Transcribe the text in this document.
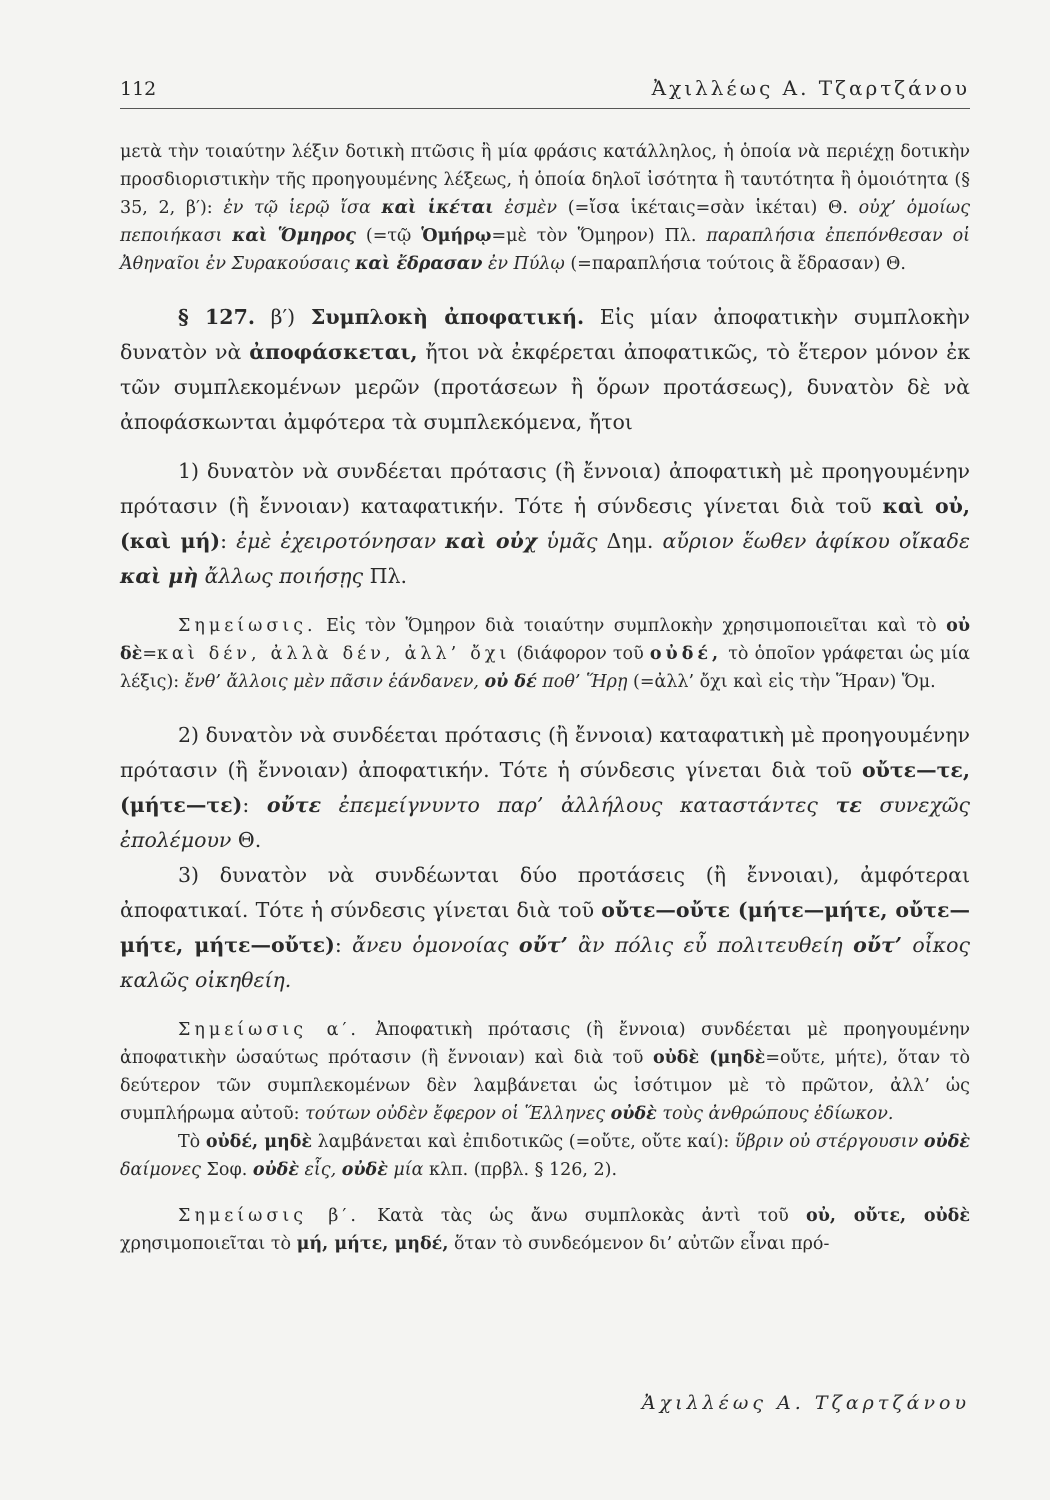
112	Ἀχιλλέως Α. Τζαρτζάνου

μετὰ τὴν τοιαύτην λέξιν δοτικὴ πτῶσις ἢ μία φράσις κατάλληλος, ἡ ὁποία νὰ περιέχῃ δοτικὴν προσδιοριστικὴν τῆς προηγουμένης λέξεως, ἡ ὁποία δηλοῖ ἰσότητα ἢ ταυτότητα ἢ ὁμοιότητα (§ 35, 2, β′): ἐν τῷ ἱερῷ ἴσα καὶ ἱκέται ἐσμὲν (=ἴσα ἱκέταις=σὰν ἱκέται) Θ. οὐχ’ ὁμοίως πεποιήκασι καὶ Ὅμηρος (=τῷ Ὁμήρῳ=μὲ τὸν Ὅμηρον) Πλ. παραπλήσια ἐπεπόνθεσαν οἱ Ἀθηναῖοι ἐν Συρακούσαις καὶ ἔδρασαν ἐν Πύλῳ (=παραπλήσια τούτοις ἃ ἔδρασαν) Θ.

§ 127. β′) Συμπλοκὴ ἀποφατική. Εἰς μίαν ἀποφατικὴν συμπλοκὴν δυνατὸν νὰ ἀποφάσκεται, ἤτοι νὰ ἐκφέρεται ἀποφατικῶς, τὸ ἕτερον μόνον ἐκ τῶν συμπλεκομένων μερῶν (προτάσεων ἢ ὅρων προτάσεως), δυνατὸν δὲ νὰ ἀποφάσκωνται ἀμφότερα τὰ συμπλεκόμενα, ἤτοι

1) δυνατὸν νὰ συνδέεται πρότασις (ἢ ἔννοια) ἀποφατικὴ μὲ προηγουμένην πρότασιν (ἢ ἔννοιαν) καταφατικήν. Τότε ἡ σύνδεσις γίνεται διὰ τοῦ καὶ οὐ, (καὶ μή): ἐμὲ ἐχειροτόνησαν καὶ οὐχ ὑμᾶς Δημ. αὔριον ἕωθεν ἀφίκου οἴκαδε καὶ μὴ ἄλλως ποιήσῃς Πλ.

Σημείωσις. Εἰς τὸν Ὅμηρον διὰ τοιαύτην συμπλοκὴν χρησιμοποιεῖται καὶ τὸ οὐ δὲ=καὶ δέν, ἀλλὰ δέν, ἀλλ’ ὄχι (διάφορον τοῦ οὐδέ, τὸ ὁποῖον γράφεται ὡς μία λέξις): ἔνθ’ ἄλλοις μὲν πᾶσιν ἑάνδανεν, οὐ δέ ποθ’ Ἥρῃ (=ἀλλ’ ὄχι καὶ εἰς τὴν Ἥραν) Ὅμ.

2) δυνατὸν νὰ συνδέεται πρότασις (ἢ ἔννοια) καταφατικὴ μὲ προηγουμένην πρότασιν (ἢ ἔννοιαν) ἀποφατικήν. Τότε ἡ σύνδεσις γίνεται διὰ τοῦ οὔτε—τε, (μήτε—τε): οὔτε ἐπεμείγνυντο παρ’ ἀλλήλους καταστάντες τε συνεχῶς ἐπολέμουν Θ.

3) δυνατὸν νὰ συνδέωνται δύο προτάσεις (ἢ ἔννοιαι), ἀμφότεραι ἀποφατικαί. Τότε ἡ σύνδεσις γίνεται διὰ τοῦ οὔτε—οὔτε (μήτε—μήτε, οὔτε—μήτε, μήτε—οὔτε): ἄνευ ὁμονοίας οὔτ’ ἂν πόλις εὖ πολιτευθείη οὔτ’ οἶκος καλῶς οἰκηθείη.

Σημείωσις α′. Ἀποφατικὴ πρότασις (ἢ ἔννοια) συνδέεται μὲ προηγουμένην ἀποφατικὴν ὡσαύτως πρότασιν (ἢ ἔννοιαν) καὶ διὰ τοῦ οὐδὲ (μηδὲ=οὔτε, μήτε), ὅταν τὸ δεύτερον τῶν συμπλεκομένων δὲν λαμβάνεται ὡς ἰσότιμον μὲ τὸ πρῶτον, ἀλλ’ ὡς συμπλήρωμα αὐτοῦ: τούτων οὐδὲν ἔφερον οἱ Ἕλληνες οὐδὲ τοὺς ἀνθρώπους ἐδίωκον.

Τὸ οὐδέ, μηδὲ λαμβάνεται καὶ ἐπιδοτικῶς (=οὔτε, οὔτε καί): ὕβριν οὐ στέργουσιν οὐδὲ δαίμονες Σοφ. οὐδὲ εἷς, οὐδὲ μία κλπ. (πρβλ. § 126, 2).

Σημείωσις β′. Κατὰ τὰς ὡς ἄνω συμπλοκὰς ἀντὶ τοῦ οὐ, οὔτε, οὐδὲ χρησιμοποιεῖται τὸ μή, μήτε, μηδέ, ὅταν τὸ συνδεόμενον δι’ αὐτῶν εἶναι πρό-

Ἀχιλλέως Α. Τζαρτζάνου
